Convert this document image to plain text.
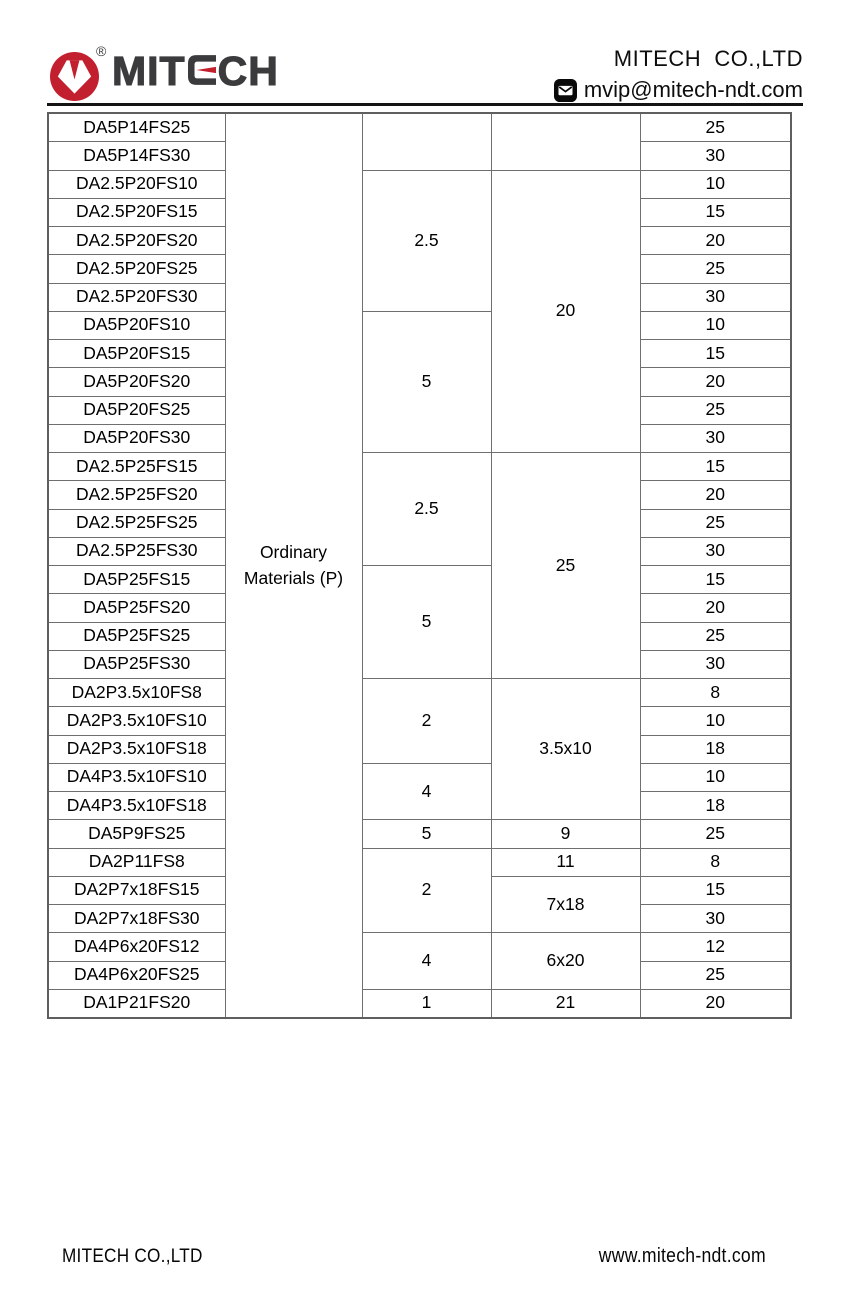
® MIT CH	MITECH  CO.,LTD
mvip@mitech-ndt.com
DA5P14FS25	Ordinary Materials (P)			25
DA5P14FS30				30
DA2.5P20FS10		2.5	20	10
DA2.5P20FS15				15
DA2.5P20FS20				20
DA2.5P20FS25				25
DA2.5P20FS30				30
DA5P20FS10		5		10
DA5P20FS15				15
DA5P20FS20				20
DA5P20FS25				25
DA5P20FS30				30
DA2.5P25FS15		2.5	25	15
DA2.5P25FS20				20
DA2.5P25FS25				25
DA2.5P25FS30				30
DA5P25FS15		5		15
DA5P25FS20				20
DA5P25FS25				25
DA5P25FS30				30
DA2P3.5x10FS8		2	3.5x10	8
DA2P3.5x10FS10				10
DA2P3.5x10FS18				18
DA4P3.5x10FS10		4		10
DA4P3.5x10FS18				18
DA5P9FS25		5	9	25
DA2P11FS8		2	11	8
DA2P7x18FS15			7x18	15
DA2P7x18FS30				30
DA4P6x20FS12		4	6x20	12
DA4P6x20FS25				25
DA1P21FS20		1	21	20
MITECH CO.,LTD	www.mitech-ndt.com
